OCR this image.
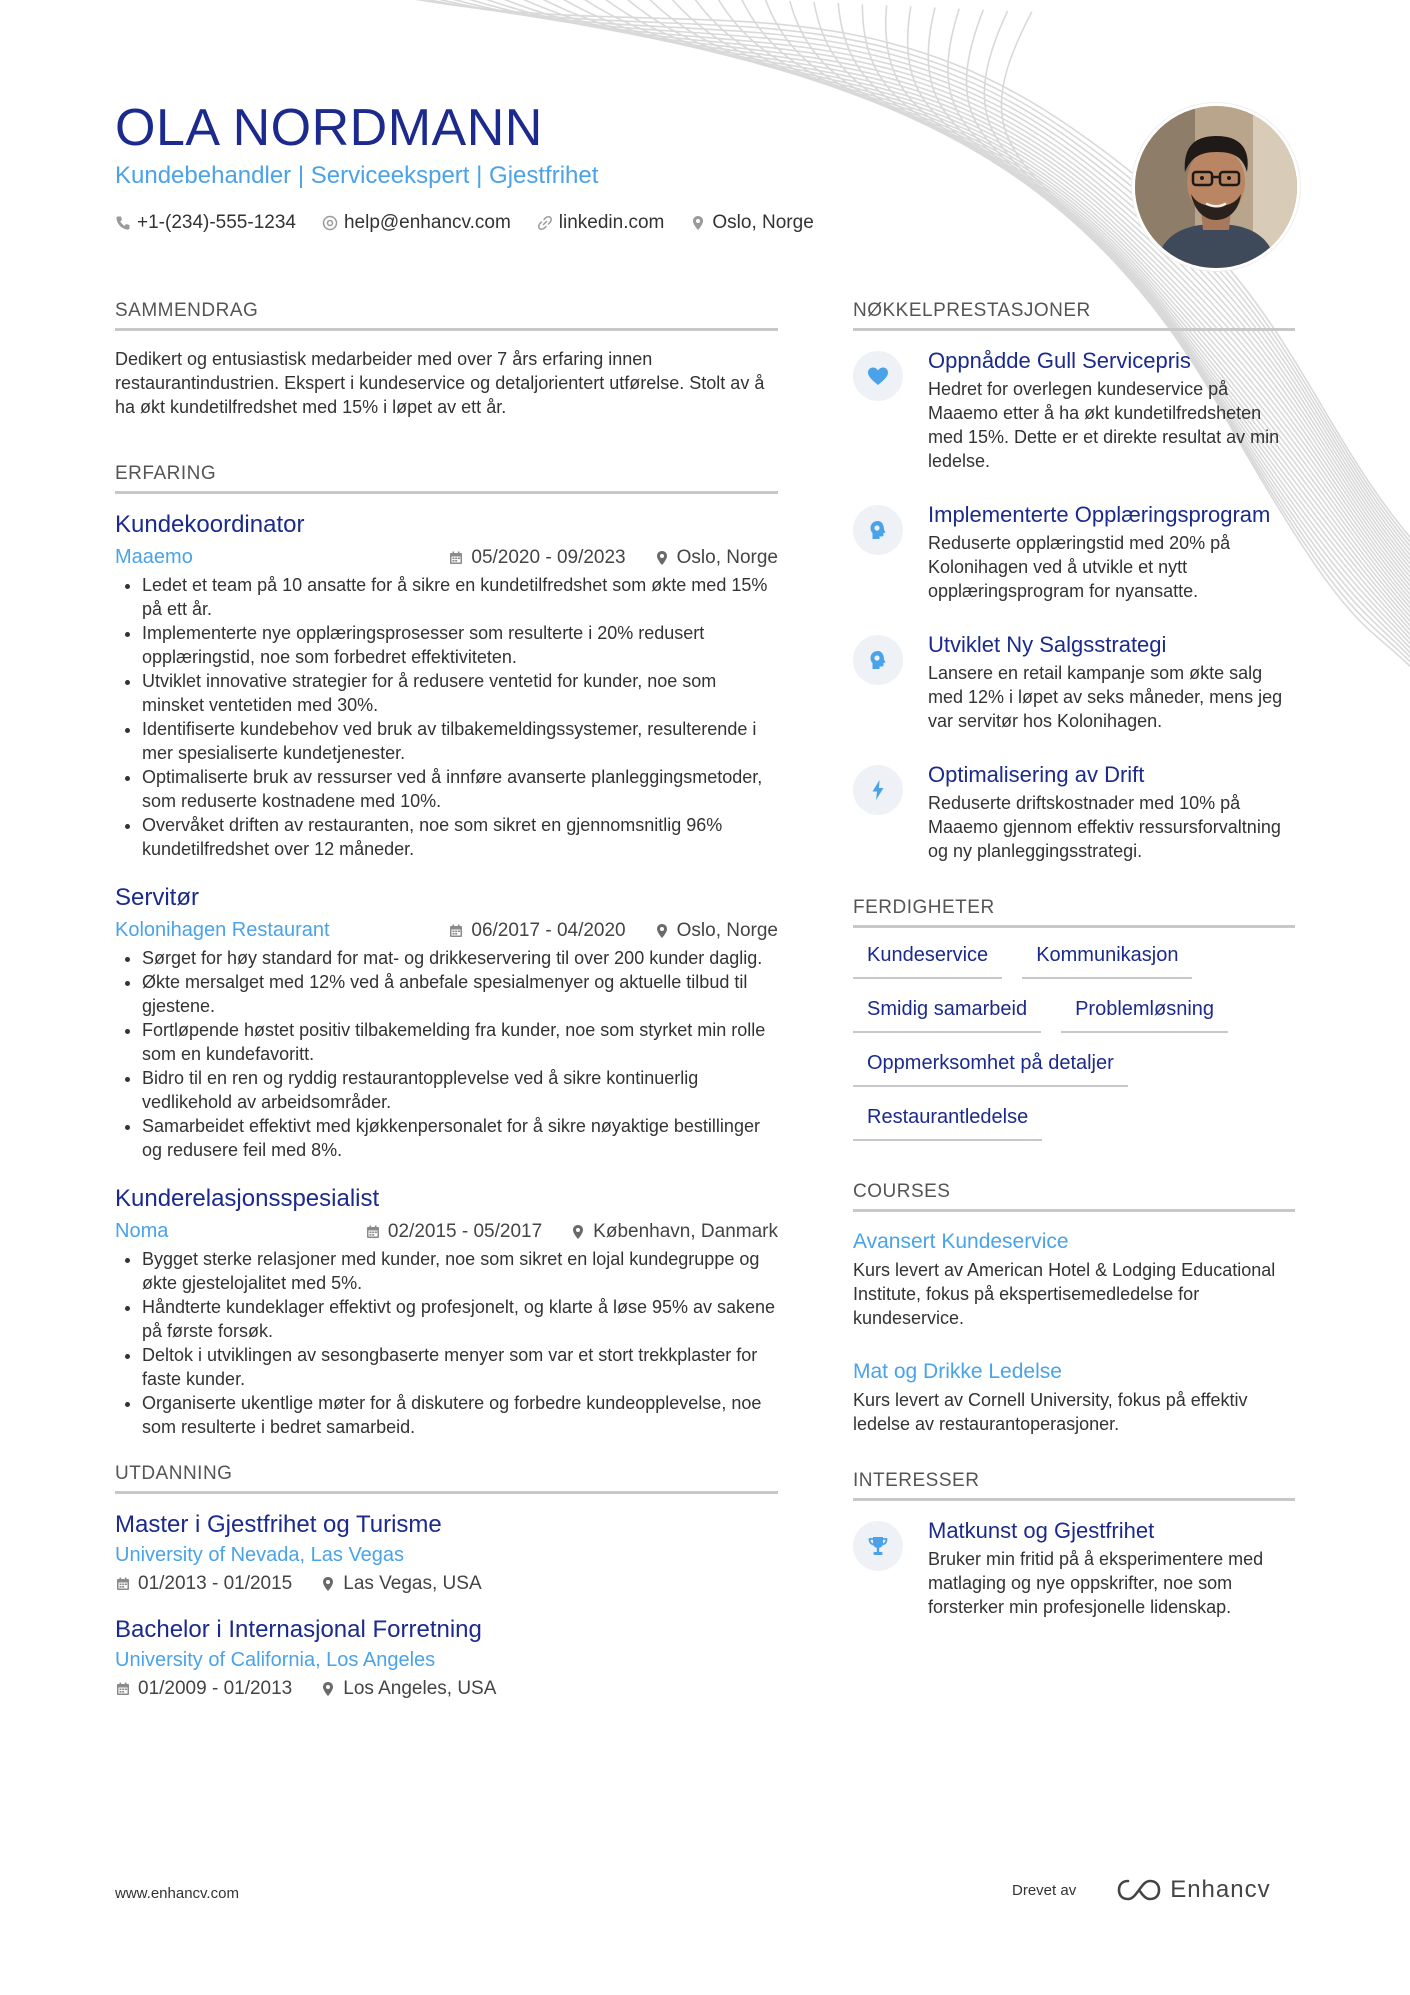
OLA NORDMANN
Kundebehandler | Serviceekspert | Gjestfrihet
+1-(234)-555-1234	help@enhancv.com	linkedin.com	Oslo, Norge
SAMMENDRAG
Dedikert og entusiastisk medarbeider med over 7 års erfaring innen restaurantindustrien. Ekspert i kundeservice og detaljorientert utførelse. Stolt av å ha økt kundetilfredshet med 15% i løpet av ett år.
ERFARING
Kundekoordinator
Maaemo	05/2020 - 09/2023	Oslo, Norge
• Ledet et team på 10 ansatte for å sikre en kundetilfredshet som økte med 15% på ett år.
• Implementerte nye opplæringsprosesser som resulterte i 20% redusert opplæringstid, noe som forbedret effektiviteten.
• Utviklet innovative strategier for å redusere ventetid for kunder, noe som minsket ventetiden med 30%.
• Identifiserte kundebehov ved bruk av tilbakemeldingssystemer, resulterende i mer spesialiserte kundetjenester.
• Optimaliserte bruk av ressurser ved å innføre avanserte planleggingsmetoder, som reduserte kostnadene med 10%.
• Overvåket driften av restauranten, noe som sikret en gjennomsnitlig 96% kundetilfredshet over 12 måneder.
Servitør
Kolonihagen Restaurant	06/2017 - 04/2020	Oslo, Norge
• Sørget for høy standard for mat- og drikkeservering til over 200 kunder daglig.
• Økte mersalget med 12% ved å anbefale spesialmenyer og aktuelle tilbud til gjestene.
• Fortløpende høstet positiv tilbakemelding fra kunder, noe som styrket min rolle som en kundefavoritt.
• Bidro til en ren og ryddig restaurantopplevelse ved å sikre kontinuerlig vedlikehold av arbeidsområder.
• Samarbeidet effektivt med kjøkkenpersonalet for å sikre nøyaktige bestillinger og redusere feil med 8%.
Kunderelasjonsspesialist
Noma	02/2015 - 05/2017	København, Danmark
• Bygget sterke relasjoner med kunder, noe som sikret en lojal kundegruppe og økte gjestelojalitet med 5%.
• Håndterte kundeklager effektivt og profesjonelt, og klarte å løse 95% av sakene på første forsøk.
• Deltok i utviklingen av sesongbaserte menyer som var et stort trekkplaster for faste kunder.
• Organiserte ukentlige møter for å diskutere og forbedre kundeopplevelse, noe som resulterte i bedret samarbeid.
UTDANNING
Master i Gjestfrihet og Turisme
University of Nevada, Las Vegas
01/2013 - 01/2015	Las Vegas, USA
Bachelor i Internasjonal Forretning
University of California, Los Angeles
01/2009 - 01/2013	Los Angeles, USA
NØKKELPRESTASJONER
Oppnådde Gull Servicepris
Hedret for overlegen kundeservice på Maaemo etter å ha økt kundetilfredsheten med 15%. Dette er et direkte resultat av min ledelse.
Implementerte Opplæringsprogram
Reduserte opplæringstid med 20% på Kolonihagen ved å utvikle et nytt opplæringsprogram for nyansatte.
Utviklet Ny Salgsstrategi
Lansere en retail kampanje som økte salg med 12% i løpet av seks måneder, mens jeg var servitør hos Kolonihagen.
Optimalisering av Drift
Reduserte driftskostnader med 10% på Maaemo gjennom effektiv ressursforvaltning og ny planleggingsstrategi.
FERDIGHETER
Kundeservice	Kommunikasjon
Smidig samarbeid	Problemløsning
Oppmerksomhet på detaljer
Restaurantledelse
COURSES
Avansert Kundeservice
Kurs levert av American Hotel & Lodging Educational Institute, fokus på ekspertisemedledelse for kundeservice.
Mat og Drikke Ledelse
Kurs levert av Cornell University, fokus på effektiv ledelse av restaurantoperasjoner.
INTERESSER
Matkunst og Gjestfrihet
Bruker min fritid på å eksperimentere med matlaging og nye oppskrifter, noe som forsterker min profesjonelle lidenskap.
www.enhancv.com	Drevet av	Enhancv
